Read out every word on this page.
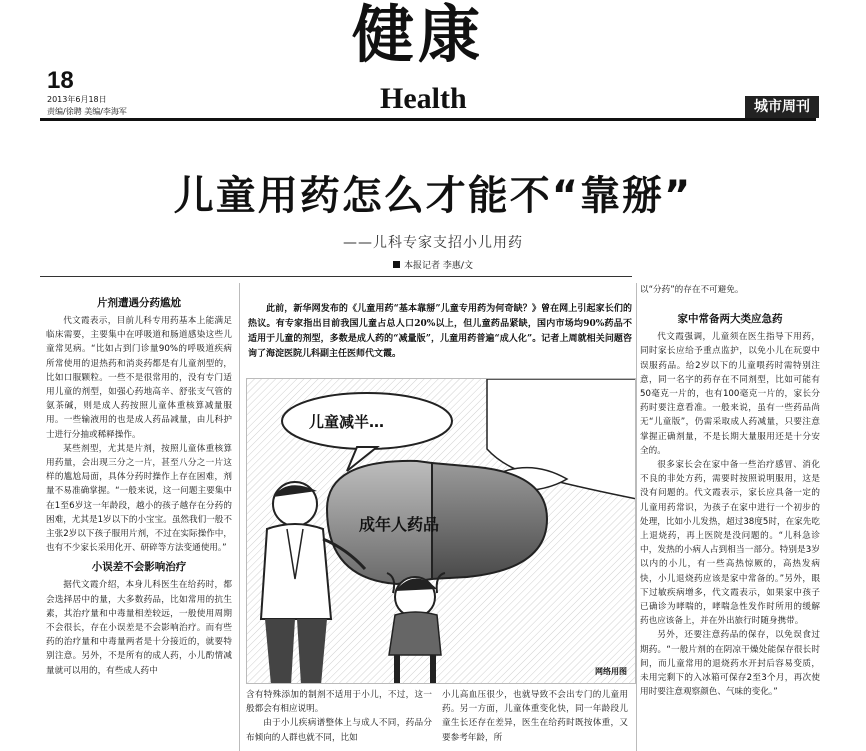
18
2013年6月18日
责编/徐聘 美编/李海军
健康
Health	城市周刊
儿童用药怎么才能不“靠掰”
——儿科专家支招小儿用药
本报记者 李惠/文
片剂遭遇分药尴尬

代文霞表示，目前儿科专用药基本上能满足临床需要，主要集中在呼吸道和肠道感染这些儿童常见病。“比如占到门诊量90%的呼吸道疾病所常使用的退热药和消炎药都是有儿童剂型的，比如口服颗粒。一些不是很常用的，没有专门适用儿童的剂型，如强心药地高辛、舒张支气管的氨茶碱，则是成人药按照儿童体重核算减量服用。一些输液用的也是成人药品减量，由儿科护士进行分抽或稀释操作。

某些剂型，尤其是片剂，按照儿童体重核算用药量，会出现三分之一片，甚至八分之一片这样的尴尬局面，具体分药时操作上存在困难，剂量不易准确掌握。“一般来说，这一问题主要集中在1至6岁这一年龄段，越小的孩子越存在分药的困难，尤其是1岁以下的小宝宝。虽然我们一般不主张2岁以下孩子服用片剂，不过在实际操作中，也有不少家长采用化开、研碎等方法变通使用。”

小误差不会影响治疗

据代文霞介绍，本身儿科医生在给药时，都会选择居中的量，大多数药品，比如常用的抗生素，其治疗量和中毒量相差较远，一般使用周期不会很长，存在小误差是不会影响治疗。而有些药的治疗量和中毒量两者是十分接近的，就要特别注意。另外，不是所有的成人药，小儿酌情减量就可以用的，有些成人药中

此前，新华网发布的《儿童用药“基本靠掰”儿童专用药为何奇缺？》曾在网上引起家长们的热议。有专家指出目前我国儿童占总人口20%以上，但儿童药品紧缺，国内市场均90%药品不适用于儿童的剂型，多数是成人药的“减量版”，儿童用药普遍“成人化”。记者上周就相关问题咨询了海淀医院儿科副主任医师代文霞。
儿童减半…
成年人药品
网络用图

含有特殊添加的制剂不适用于小儿，不过，这一般都会有相应说明。

由于小儿疾病谱整体上与成人不同，药品分布倾向的人群也就不同，比如

小儿高血压很少，也就导致不会出专门的儿童用药。另一方面，儿童体重变化快，同一年龄段儿童生长还存在差异，医生在给药时既按体重，又要参考年龄，所

以“分药”的存在不可避免。
家中常备两大类应急药

代文霞强调，儿童须在医生指导下用药，同时家长应给予重点监护，以免小儿在玩耍中误服药品。给2岁以下的儿童喂药时需特别注意，同一名字的药存在不同剂型，比如可能有50毫克一片的，也有100毫克一片的，家长分药时要注意看准。一般来说，虽有一些药品尚无“儿童版”，仍需采取成人药减量，只要注意掌握正确剂量，不是长期大量服用还是十分安全的。

很多家长会在家中备一些治疗感冒、消化不良的非处方药，需要时按照说明服用，这是没有问题的。代文霞表示，家长应具备一定的儿童用药常识，为孩子在家中进行一个初步的处理，比如小儿发热，超过38度5时，在家先吃上退烧药，再上医院是没问题的。“儿科急诊中，发热的小病人占到相当一部分。特别是3岁以内的小儿，有一些高热惊厥的，高热发病快，小儿退烧药应该是家中常备的。”另外，眼下过敏疾病增多，代文霞表示，如果家中孩子已确诊为哮喘的，哮喘急性发作时所用的缓解药也应该备上，并在外出旅行时随身携带。

另外，还要注意药品的保存，以免误食过期药。“一般片剂的在阴凉干燥处能保存很长时间，而儿童常用的退烧药水开封后容易变质，未用完剩下的入冰箱可保存2至3个月，再次使用时要注意观察颜色、气味的变化。”
